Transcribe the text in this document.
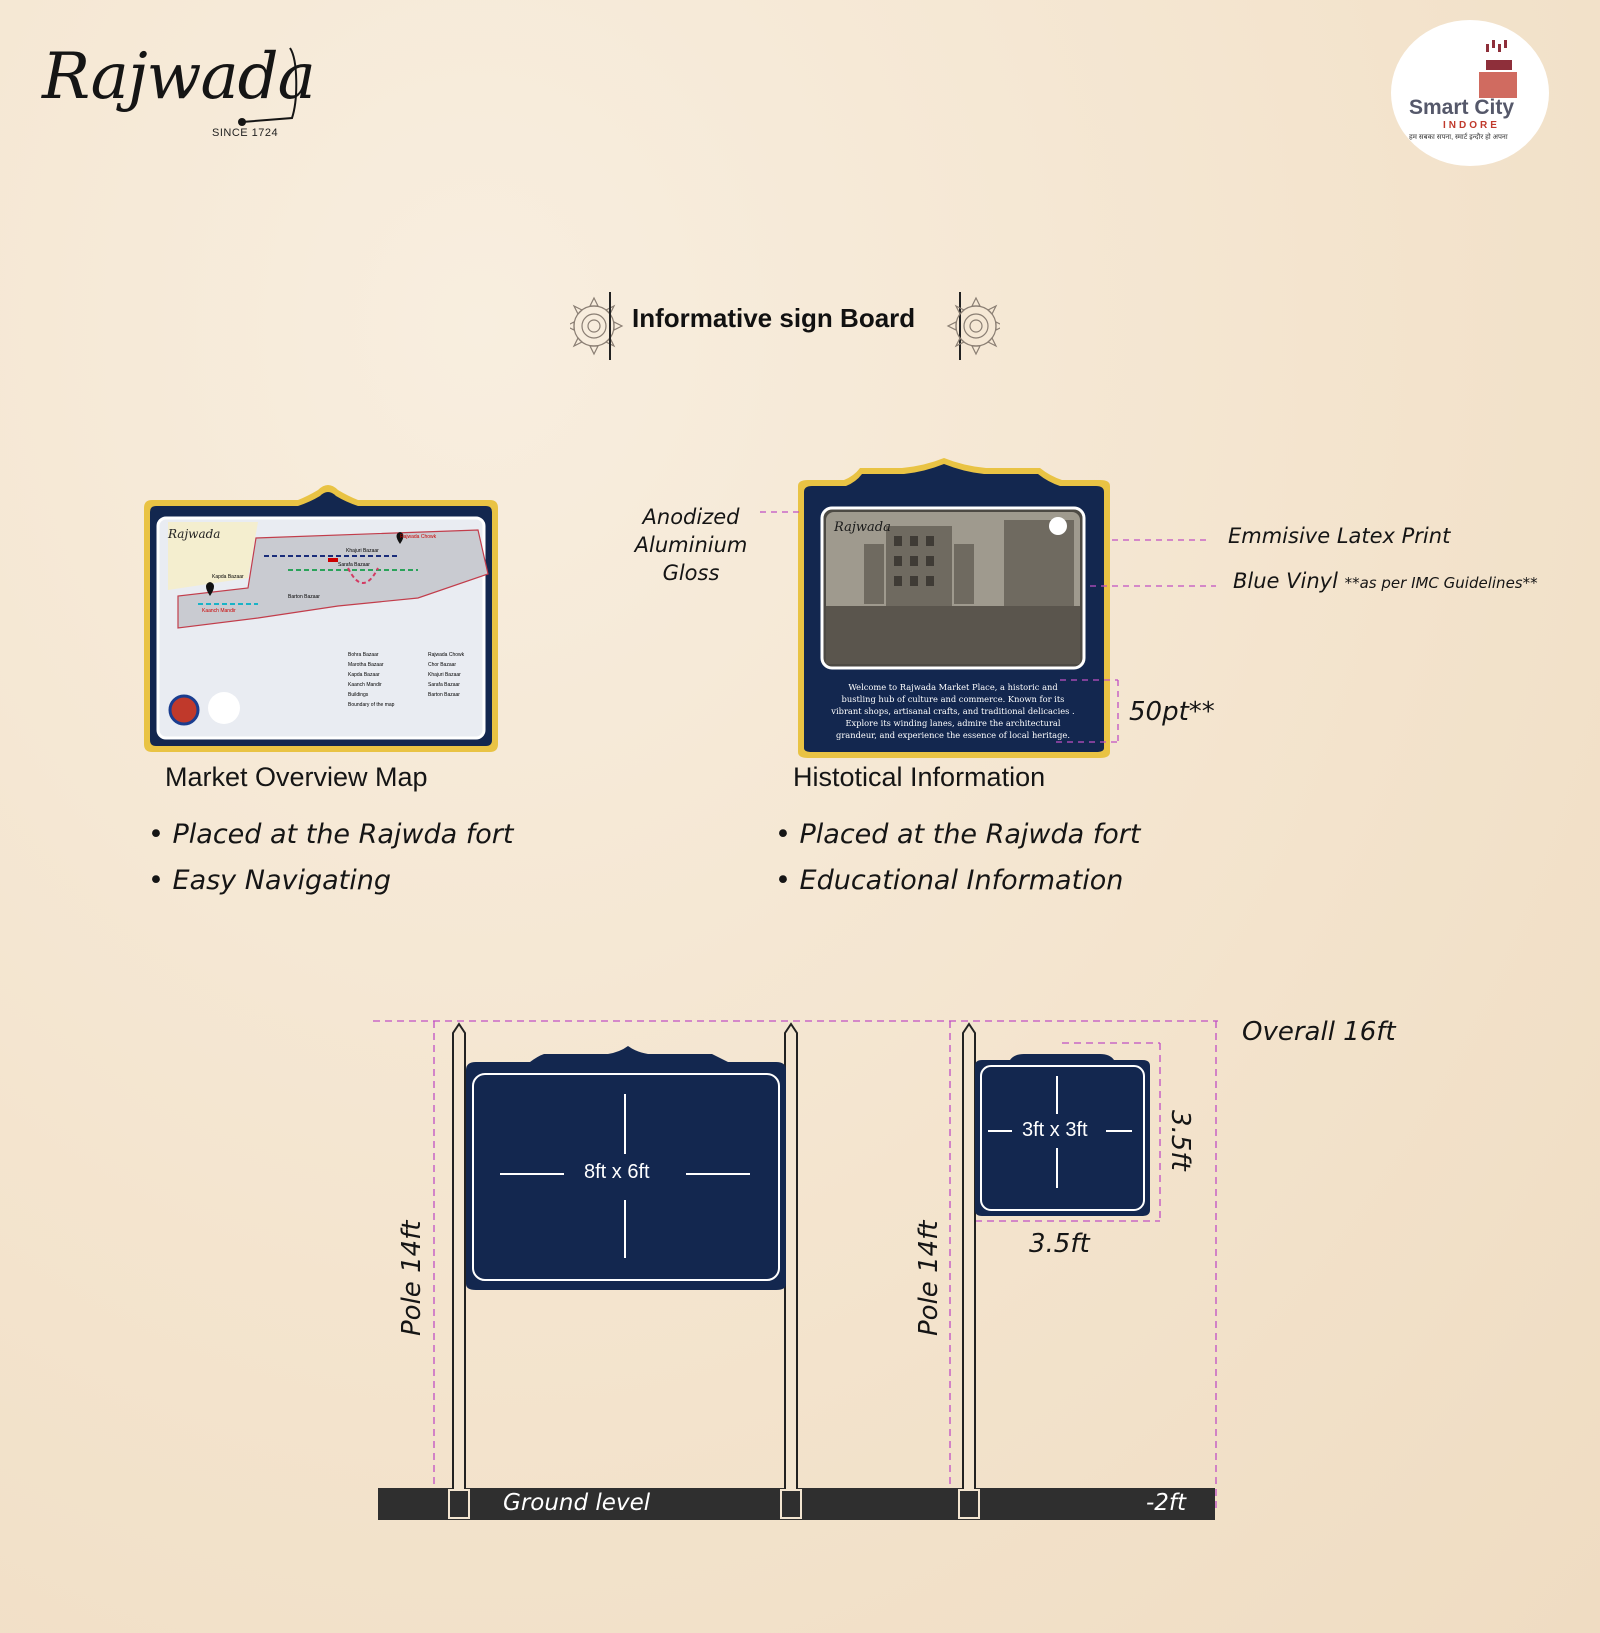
Rajwada
SINCE 1724
Smart City
INDORE
हम सबका सपना, स्मार्ट इन्दौर हो अपना
Informative sign Board
Rajwada
Khajuri Bazaar
Sarafa Bazaar
Rajwada Chowk
Kapda Bazaar
Barton Bazaar
Kaanch Mandir
Bohra Bazaar
Marotha Bazaar
Kapda Bazaar
Kaanch Mandir
Buildings
Boundary of the map
Rajwada Chowk
Chor Bazaar
Khajuri Bazaar
Sarafa Bazaar
Barton Bazaar
Market Overview Map
• Placed at the Rajwda fort
• Easy Navigating
Rajwada
Welcome to Rajwada Market Place, a historic and bustling hub of culture and commerce. Known for its vibrant shops, artisanal crafts, and traditional delicacies . Explore its winding lanes, admire the architectural grandeur, and experience the essence of local heritage.
Histotical Information
• Placed at the Rajwda fort
• Educational Information
Anodized
Aluminium
Gloss
Emmisive Latex Print
Blue Vinyl **as per IMC Guidelines**
50pt**
8ft x 6ft
3ft x 3ft
Overall 16ft
3.5ft
3.5ft
Pole 14ft	Pole 14ft
Ground level	-2ft
